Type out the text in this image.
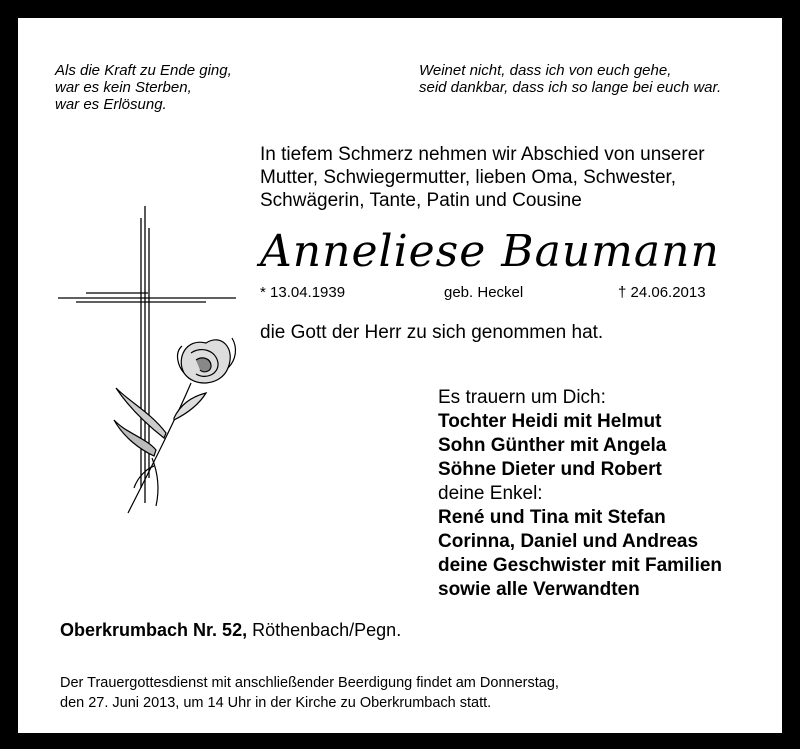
Als die Kraft zu Ende ging,
war es kein Sterben,
war es Erlösung.
Weinet nicht, dass ich von euch gehe,
seid dankbar, dass ich so lange bei euch war.
In tiefem Schmerz nehmen wir Abschied von unserer
Mutter, Schwiegermutter, lieben Oma, Schwester,
Schwägerin, Tante, Patin und Cousine
Anneliese Baumann
* 13.04.1939	geb. Heckel	† 24.06.2013
die Gott der Herr zu sich genommen hat.
Es trauern um Dich:
Tochter Heidi mit Helmut
Sohn Günther mit Angela
Söhne Dieter und Robert
deine Enkel:
René und Tina mit Stefan
Corinna, Daniel und Andreas
deine Geschwister mit Familien
sowie alle Verwandten
Oberkrumbach Nr. 52, Röthenbach/Pegn.
Der Trauergottesdienst mit anschließender Beerdigung findet am Donnerstag,
den 27. Juni 2013, um 14 Uhr in der Kirche zu Oberkrumbach statt.
